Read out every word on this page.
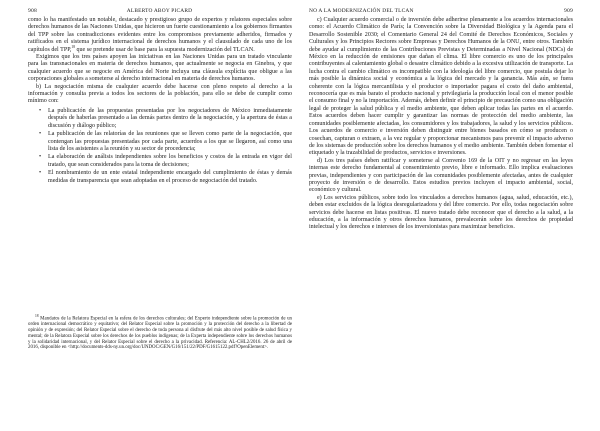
908	ALBERTO ABOY PICARD

como lo ha manifestado un notable, destacado y prestigioso grupo de expertos y relatores especiales sobre derechos humanos de las Naciones Unidas, que hicieron un fuerte cuestionamiento a los gobiernos firmantes del TPP sobre las contradicciones evidentes entre los compromisos previamente adheridos, firmados y ratificados en el sistema jurídico internacional de derechos humanos y el clausulado de cada uno de los capítulos del TPP,$^{18}$ que se pretende usar de base para la supuesta modernización del TLCAN.

Exigimos que los tres países apoyen las iniciativas en las Naciones Unidas para un tratado vinculante para las transnacionales en materia de derechos humanos, que actualmente se negocia en Ginebra, y que cualquier acuerdo que se negocie en América del Norte incluya una cláusula explícita que obligue a las corporaciones globales a someterse al derecho internacional en materia de derechos humanos.

b) La negociación misma de cualquier acuerdo debe hacerse con pleno respeto al derecho a la información y consulta previa a todos los sectores de la población, para ello se debe de cumplir como mínimo con:

• La publicación de las propuestas presentadas por los negociadores de México inmediatamente después de haberlas presentado a las demás partes dentro de la negociación, y la apertura de éstas a discusión y diálogo público;
• La publicación de las relatorías de las reuniones que se lleven como parte de la negociación, que contengan las propuestas presentadas por cada parte, acuerdos a los que se llegaron, así como una lista de los asistentes a la reunión y su sector de procedencia;
• La elaboración de análisis independientes sobre los beneficios y costos de la entrada en vigor del tratado, que sean considerados para la toma de decisiones;
• El nombramiento de un ente estatal independiente encargado del cumplimiento de éstas y demás medidas de transparencia que sean adoptadas en el proceso de negociación del tratado.

$^{18}$ Mandatos de la Relatora Especial en la esfera de los derechos culturales; del Experto independiente sobre la promoción de un orden internacional democrático y equitativo; del Relator Especial sobre la promoción y la protección del derecho a la libertad de opinión y de expresión; del Relator Especial sobre el derecho de toda persona al disfrute del más alto nivel posible de salud física y mental; de la Relatora Especial sobre los derechos de los pueblos indígenas; de la Experta independiente sobre los derechos humanos y la solidaridad internacional, y del Relator Especial sobre el derecho a la privacidad. Referencia: AL-CHL2/2016. 26 de abril de 2016, disponible en <http://documents-dds-ny.un.org/doc/UNDOC/GEN/G16/151/22/PDF/G1615122.pdf?OpenElement>.

NO A LA MODERNIZACIÓN DEL TLCAN	909

c) Cualquier acuerdo comercial o de inversión debe adherirse plenamente a los acuerdos internacionales como: el Acuerdo Climático de París; la Convención sobre la Diversidad Biológica y la Agenda para el Desarrollo Sostenible 2030; el Comentario General 24 del Comité de Derechos Económicos, Sociales y Culturales y los Principios Rectores sobre Empresas y Derechos Humanos de la ONU, entre otros. También debe ayudar al cumplimiento de las Contribuciones Previstas y Determinadas a Nivel Nacional (NDCs) de México en la reducción de emisiones que dañan el clima. El libre comercio es uno de los principales contribuyentes al calentamiento global o desastre climático debido a la excesiva utilización de transporte. La lucha contra el cambio climático es incompatible con la ideología del libre comercio, que postula dejar lo más posible la dinámica social y económica a la lógica del mercado y la ganancia. Más aún, se fuera coherente con la lógica mercantilista y el productor o importador pagara el costo del daño ambiental, reconocería que es más barato el producto nacional y privilegiaría la producción local con el menor posible el consumo final y no la importación. Además, deben definir el principio de precaución como una obligación legal de proteger la salud pública y el medio ambiente, que deben aplicar todas las partes en el acuerdo. Estos acuerdos deben hacer cumplir y garantizar las normas de protección del medio ambiente, las comunidades posiblemente afectadas, los consumidores y los trabajadores, la salud y los servicios públicos. Los acuerdos de comercio e inversión deben distinguir entre bienes basados en cómo se producen o cosechan, capturan o extraen, a la vez regular y proporcionar mecanismos para prevenir el impacto adverso de los sistemas de producción sobre los derechos humanos y el medio ambiente. También deben fomentar el etiquetado y la trazabilidad de productos, servicios e inversiones.

d) Los tres países deben ratificar y someterse al Convenio 169 de la OIT y no regresar en las leyes internas este derecho fundamental al consentimiento previo, libre e informado. Ello implica evaluaciones previas, independientes y con participación de las comunidades posiblemente afectadas, antes de cualquier proyecto de inversión o de desarrollo. Estos estudios previos incluyen el impacto ambiental, social, económico y cultural.

e) Los servicios públicos, sobre todo los vinculados a derechos humanos (agua, salud, educación, etc.), deben estar excluidos de la lógica desregularizadora y del libre comercio. Por ello, todas negociación sobre servicios debe hacerse en listas positivas. El nuevo tratado debe reconocer que el derecho a la salud, a la educación, a la información y otros derechos humanos, prevalecerán sobre los derechos de propiedad intelectual y los derechos e intereses de los inversionistas para maximizar beneficios.
